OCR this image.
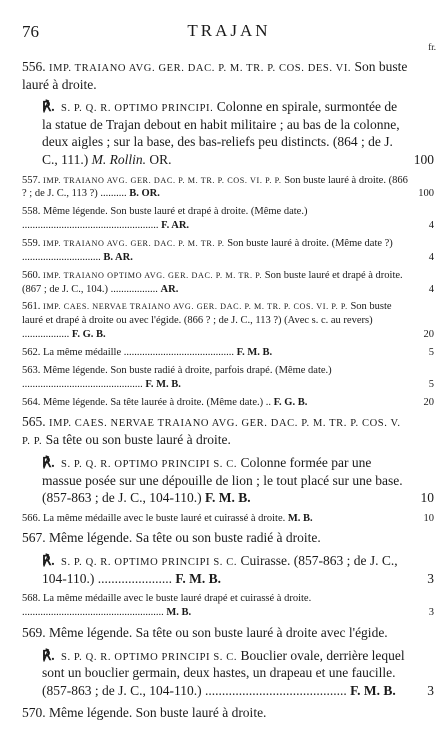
76	TRAJAN
fr.

556. IMP. TRAIANO AVG. GER. DAC. P. M. TR. P. COS. DES. VI. Son buste lauré à droite.

℟. S. P. Q. R. OPTIMO PRINCIPI. Colonne en spirale, surmontée de la statue de Trajan debout en habit militaire ; au bas de la colonne, deux aigles ; sur la base, des bas-reliefs peu distincts. (864 ; de J. C., 111.) M. Rollin. OR.	100

557. IMP. TRAIANO AVG. GER. DAC. P. M. TR. P. COS. VI. P. P. Son buste lauré à droite. (866 ? ; de J. C., 113 ?) .......... B. OR.	100

558. Même légende. Son buste lauré et drapé à droite. (Même date.) .................................................... F. AR.	4

559. IMP. TRAIANO AVG. GER. DAC. P. M. TR. P. Son buste lauré à droite. (Même date ?) .............................. B. AR.	4

560. IMP. TRAIANO OPTIMO AVG. GER. DAC. P. M. TR. P. Son buste lauré et drapé à droite. (867 ; de J. C., 104.) .................. AR.	4

561. IMP. CAES. NERVAE TRAIANO AVG. GER. DAC. P. M. TR. P. COS. VI. P. P. Son buste lauré et drapé à droite ou avec l'égide. (866 ? ; de J. C., 113 ?) (Avec s. c. au revers) .................. F. G. B.	20

562. La même médaille .......................................... F. M. B.	5

563. Même légende. Son buste radié à droite, parfois drapé. (Même date.) .............................................. F. M. B.	5

564. Même légende. Sa tête laurée à droite. (Même date.) .. F. G. B.	20

565. IMP. CAES. NERVAE TRAIANO AVG. GER. DAC. P. M. TR. P. COS. V. P. P. Sa tête ou son buste lauré à droite.

℟. S. P. Q. R. OPTIMO PRINCIPI S. C. Colonne formée par une massue posée sur une dépouille de lion ; le tout placé sur une base. (857-863 ; de J. C., 104-110.) F. M. B.	10

566. La même médaille avec le buste lauré et cuirassé à droite. M. B.	10

567. Même légende. Sa tête ou son buste radié à droite.

℟. S. P. Q. R. OPTIMO PRINCIPI S. C. Cuirasse. (857-863 ; de J. C., 104-110.) ...................... F. M. B.	3

568. La même médaille avec le buste lauré drapé et cuirassé à droite. ...................................................... M. B.	3

569. Même légende. Sa tête ou son buste lauré à droite avec l'égide.

℟. S. P. Q. R. OPTIMO PRINCIPI S. C. Bouclier ovale, derrière lequel sont un bouclier germain, deux hastes, un drapeau et une faucille. (857-863 ; de J. C., 104-110.) .......................................... F. M. B. 3

570. Même légende. Son buste lauré à droite.
